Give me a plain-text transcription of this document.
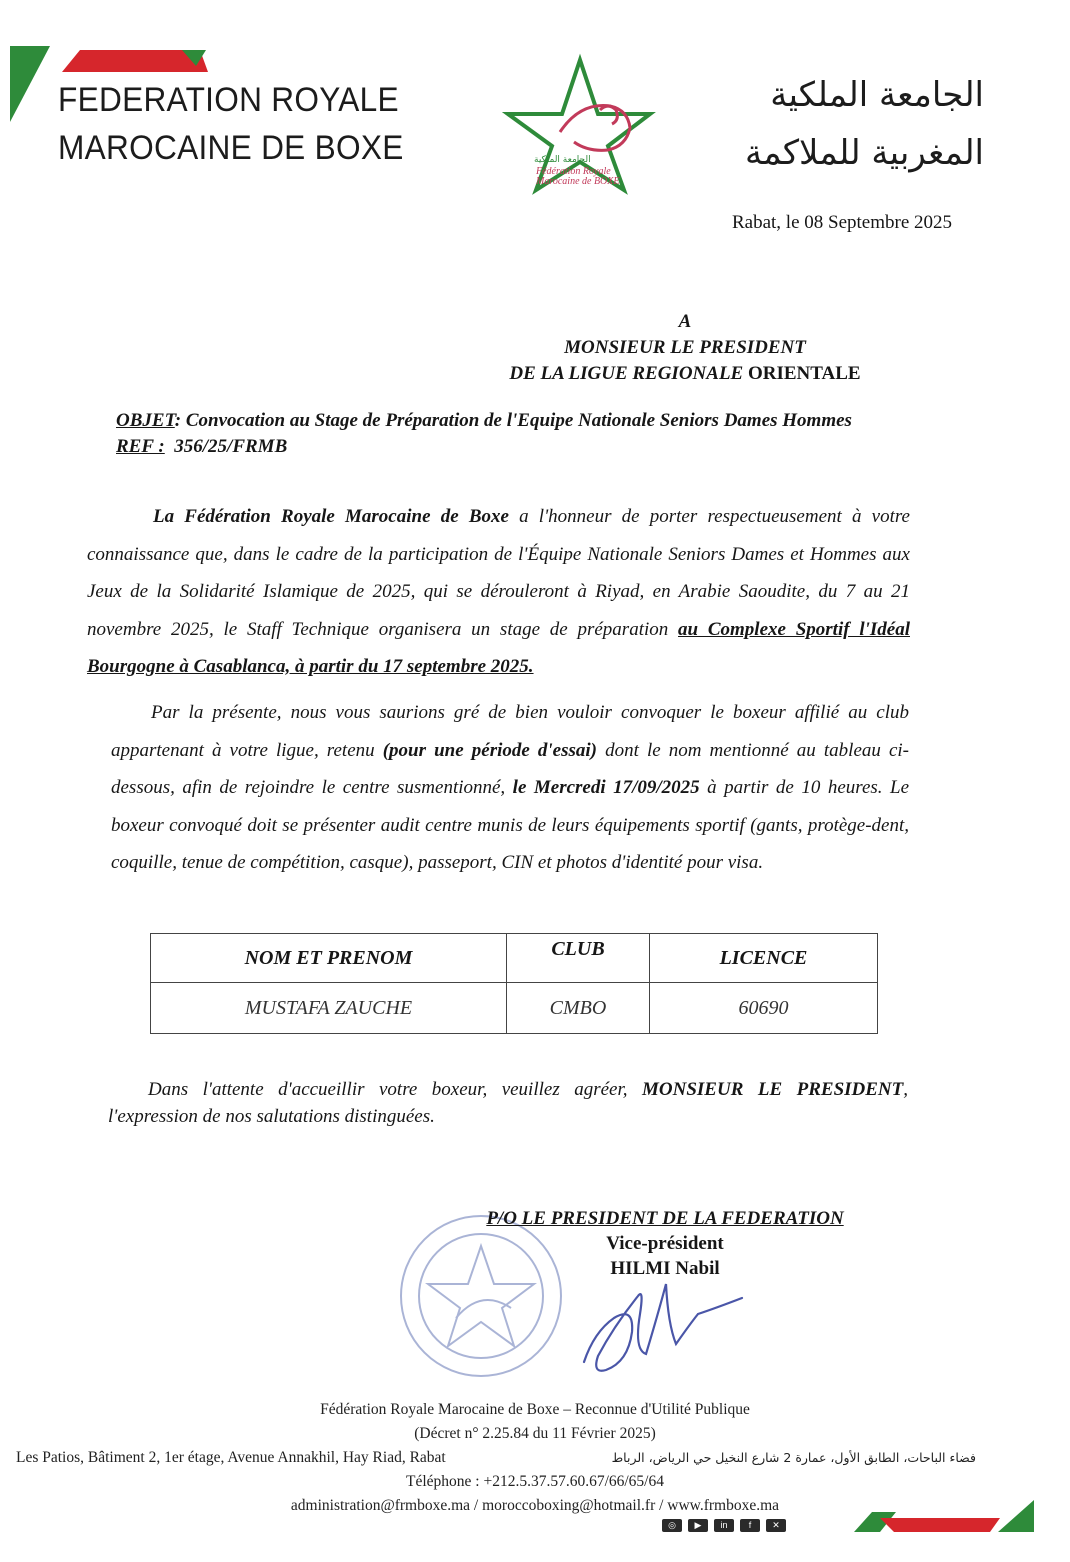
FEDERATION ROYALE
MAROCAINE DE BOXE	الجامعة الملكية
Fédération Royale
Marocaine de BOXE
الجامعة الملكية
المغربية للملاكمة
Rabat, le 08 Septembre 2025
A
MONSIEUR LE PRESIDENT
DE LA LIGUE REGIONALE ORIENTALE
OBJET: Convocation au Stage de Préparation de l'Equipe Nationale Seniors Dames Hommes
REF : 356/25/FRMB
La Fédération Royale Marocaine de Boxe a l'honneur de porter respectueusement à votre connaissance que, dans le cadre de la participation de l'Équipe Nationale Seniors Dames et Hommes aux Jeux de la Solidarité Islamique de 2025, qui se dérouleront à Riyad, en Arabie Saoudite, du 7 au 21 novembre 2025, le Staff Technique organisera un stage de préparation au Complexe Sportif l'Idéal Bourgogne à Casablanca, à partir du 17 septembre 2025.
Par la présente, nous vous saurions gré de bien vouloir convoquer le boxeur affilié au club appartenant à votre ligue, retenu (pour une période d'essai) dont le nom mentionné au tableau ci-dessous, afin de rejoindre le centre susmentionné, le Mercredi 17/09/2025 à partir de 10 heures. Le boxeur convoqué doit se présenter audit centre munis de leurs équipements sportif (gants, protège-dent, coquille, tenue de compétition, casque), passeport, CIN et photos d'identité pour visa.
NOM ET PRENOM	CLUB	LICENCE
MUSTAFA ZAUCHE	CMBO	60690
Dans l'attente d'accueillir votre boxeur, veuillez agréer, MONSIEUR LE PRESIDENT, l'expression de nos salutations distinguées.
P/O LE PRESIDENT DE LA FEDERATION
Vice-président
HILMI Nabil
Fédération Royale Marocaine de Boxe – Reconnue d'Utilité Publique
(Décret n° 2.25.84 du 11 Février 2025)
Les Patios, Bâtiment 2, 1er étage, Avenue Annakhil, Hay Riad, Rabat	فضاء الباحات، الطابق الأول، عمارة 2 شارع النخيل حي الرياض، الرباط
Téléphone : +212.5.37.57.60.67/66/65/64
administration@frmboxe.ma / moroccoboxing@hotmail.fr / www.frmboxe.ma
◎	▶	in	f	✕
